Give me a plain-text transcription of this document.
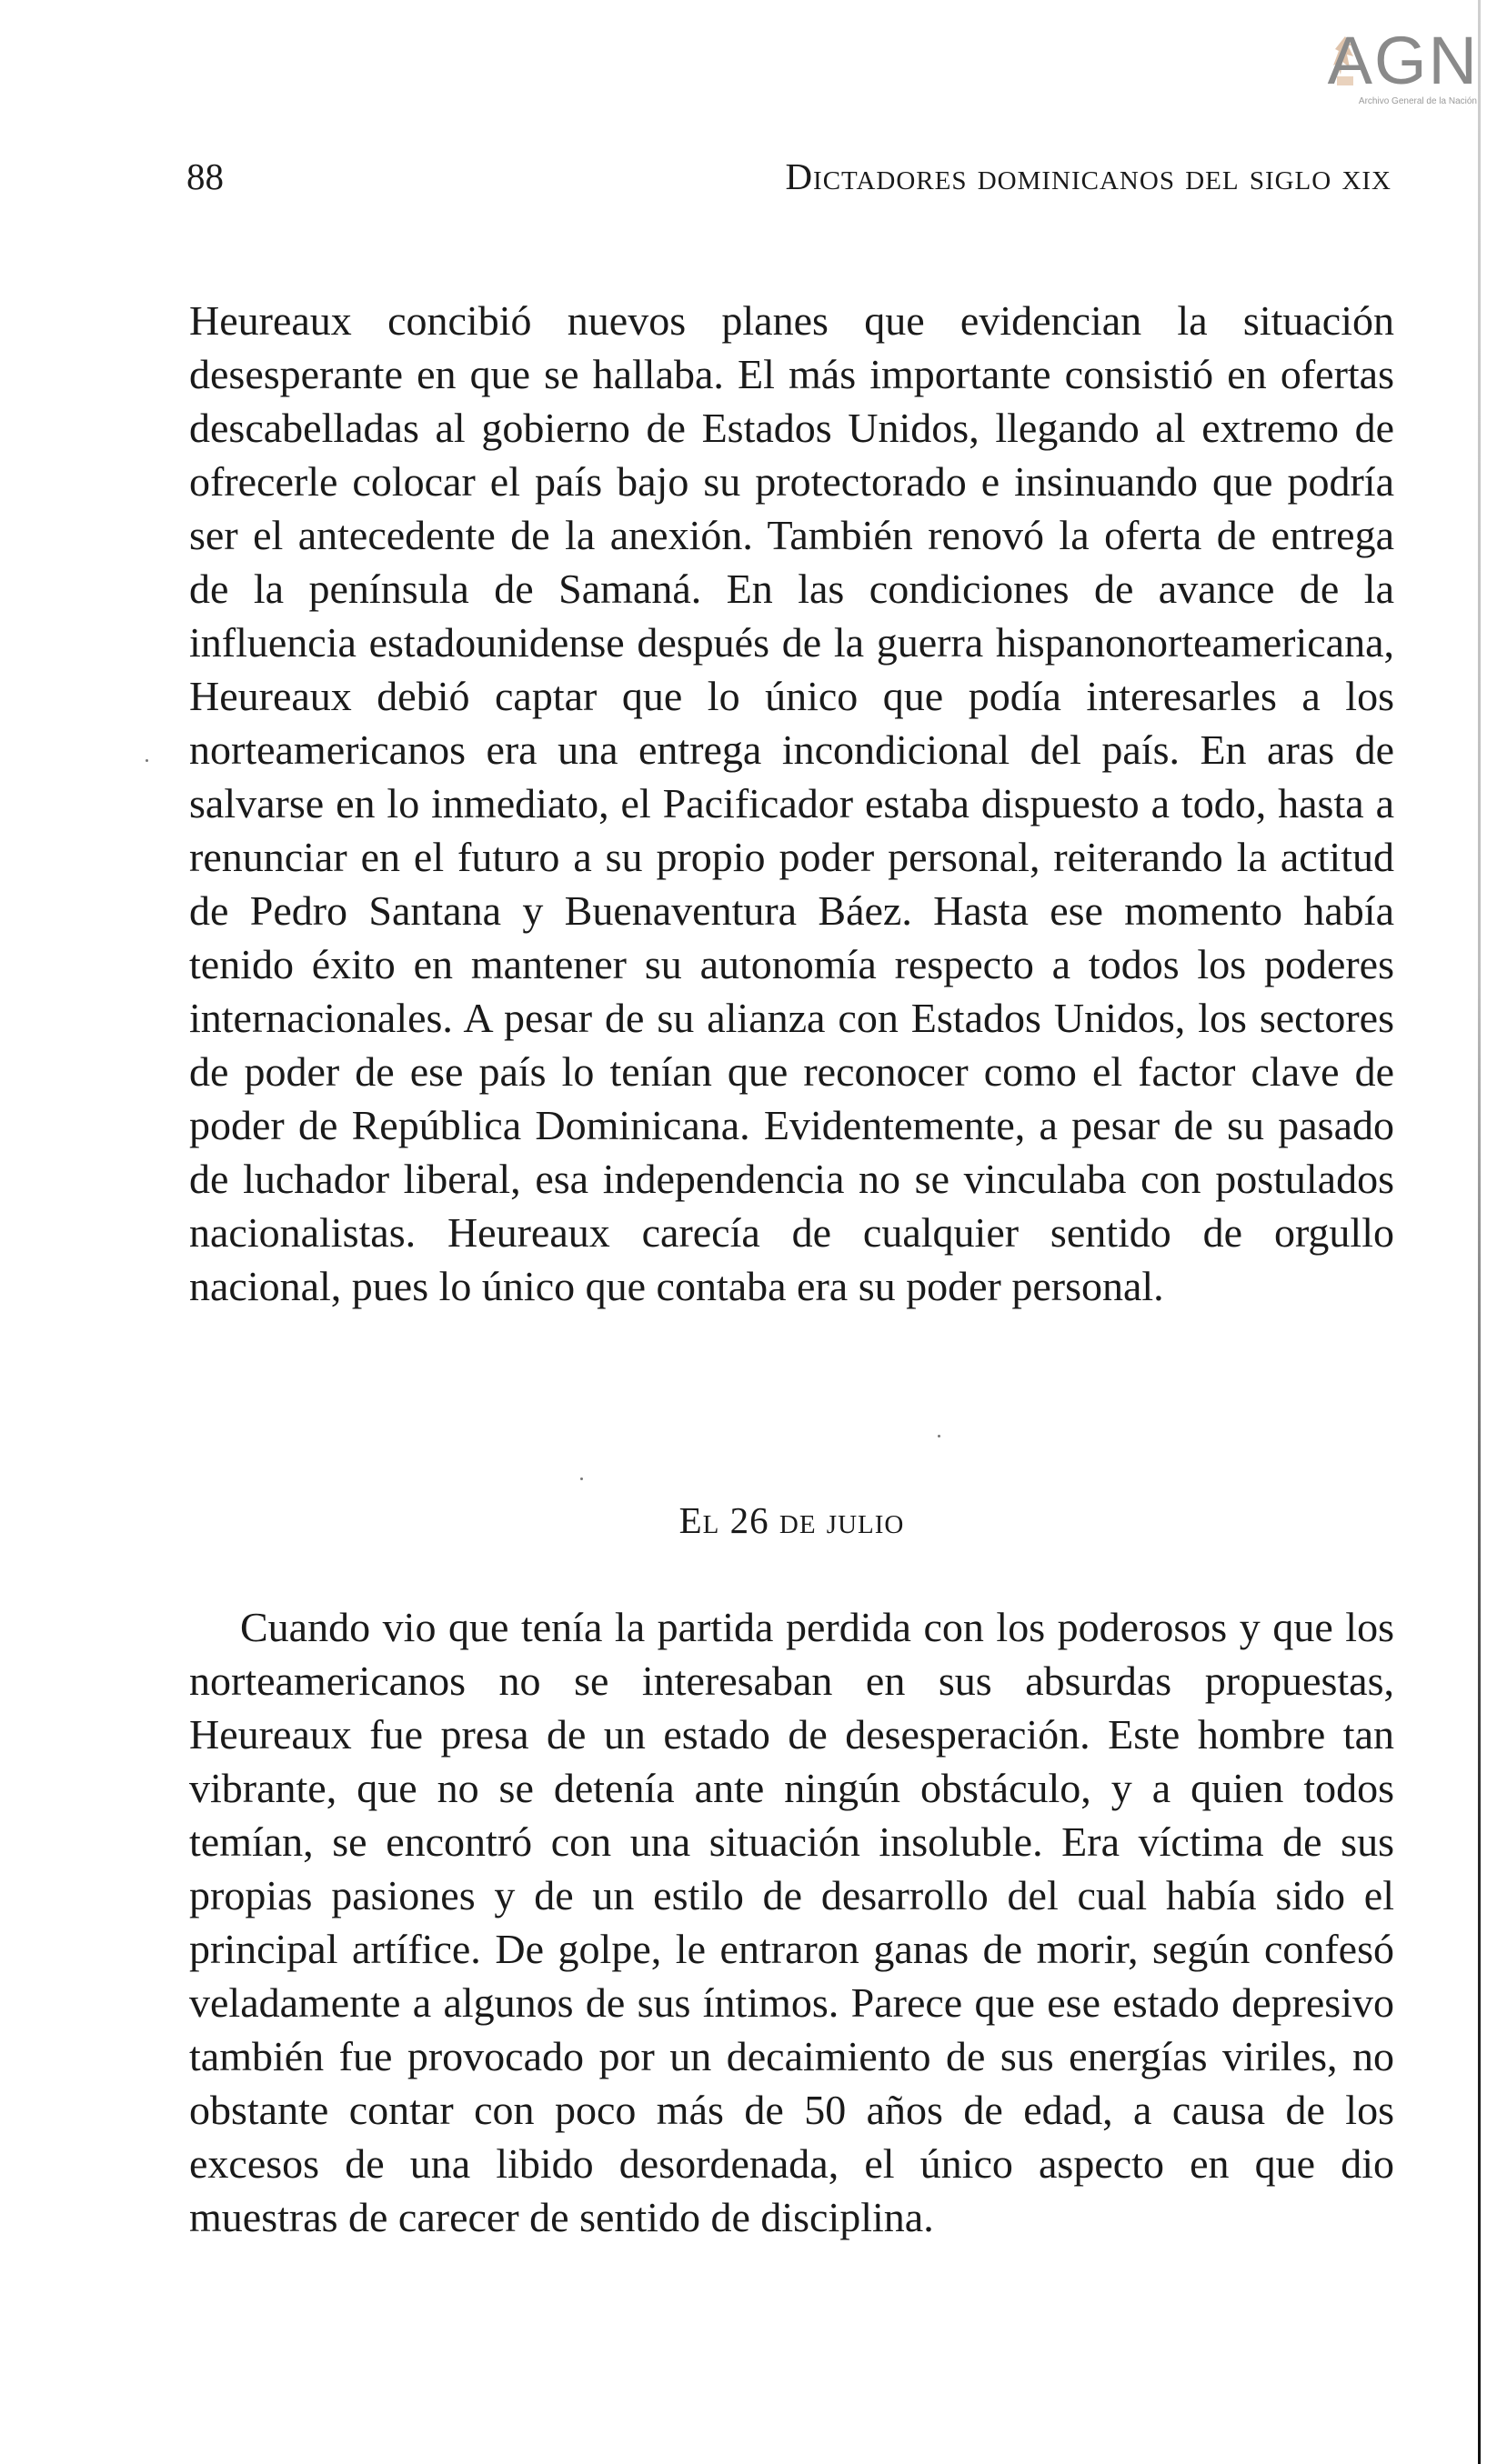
AGN
Archivo General de la Nación
88	Dictadores dominicanos del siglo xix
Heureaux concibió nuevos planes que evidencian la situación desesperante en que se hallaba. El más importante consistió en ofertas descabelladas al gobierno de Estados Unidos, llegando al extremo de ofrecerle colocar el país bajo su protectorado e insinuando que podría ser el antecedente de la anexión. También renovó la oferta de entrega de la península de Samaná. En las condiciones de avance de la influencia estadounidense después de la guerra hispanonorteamericana, Heureaux debió captar que lo único que podía interesarles a los norteamericanos era una entrega incondicional del país. En aras de salvarse en lo inmediato, el Pacificador estaba dispuesto a todo, hasta a renunciar en el futuro a su propio poder personal, reiterando la actitud de Pedro Santana y Buenaventura Báez. Hasta ese momento había tenido éxito en mantener su autonomía respecto a todos los poderes internacionales. A pesar de su alianza con Estados Unidos, los sectores de poder de ese país lo tenían que reconocer como el factor clave de poder de República Dominicana. Evidentemente, a pesar de su pasado de luchador liberal, esa independencia no se vinculaba con postulados nacionalistas. Heureaux carecía de cualquier sentido de orgullo nacional, pues lo único que contaba era su poder personal.
El 26 de julio
Cuando vio que tenía la partida perdida con los poderosos y que los norteamericanos no se interesaban en sus absurdas propuestas, Heureaux fue presa de un estado de desesperación. Este hombre tan vibrante, que no se detenía ante ningún obstáculo, y a quien todos temían, se encontró con una situación insoluble. Era víctima de sus propias pasiones y de un estilo de desarrollo del cual había sido el principal artífice. De golpe, le entraron ganas de morir, según confesó veladamente a algunos de sus íntimos. Parece que ese estado depresivo también fue provocado por un decaimiento de sus energías viriles, no obstante contar con poco más de 50 años de edad, a causa de los excesos de una libido desordenada, el único aspecto en que dio muestras de carecer de sentido de disciplina.
